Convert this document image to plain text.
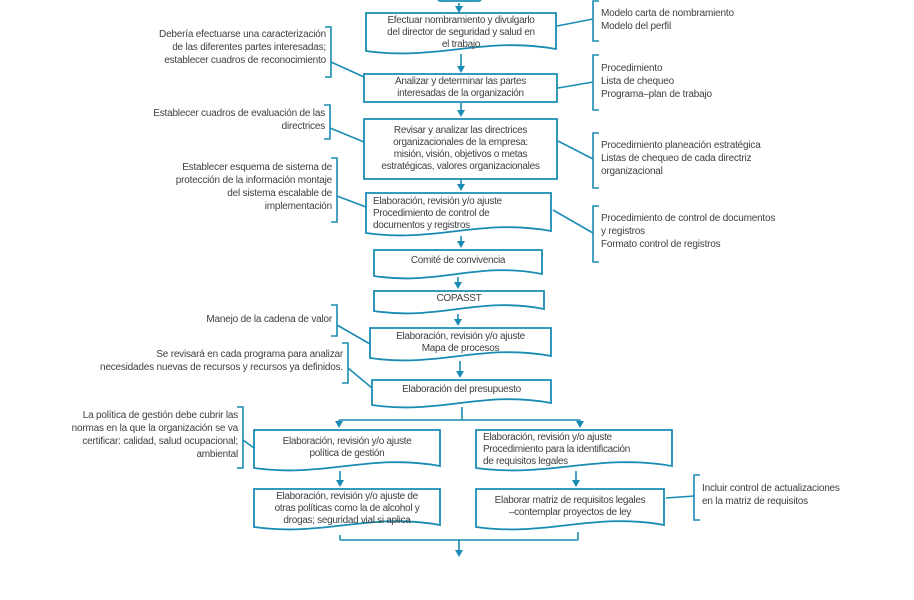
Efectuar nombramiento y divulgarlo
del director de seguridad y salud en
el trabajo
Analizar y determinar las partes
interesadas de la organización
Revisar y analizar las directrices
organizacionales de la empresa:
misión, visión, objetivos o metas
estratégicas, valores organizacionales
Elaboración, revisión y/o ajuste
Procedimiento de control de
documentos y registros
Comité de convivencia
COPASST
Elaboración, revisión y/o ajuste
Mapa de procesos
Elaboración del presupuesto
Elaboración, revisión y/o ajuste
política de gestión
Elaboración, revisión y/o ajuste de
otras políticas como la de alcohol y
drogas; seguridad vial si aplica
Elaboración, revisión y/o ajuste
Procedimiento para la identificación
de requisitos legales
Elaborar matriz de requisitos legales
–contemplar proyectos de ley
Debería efectuarse una caracterización
de las diferentes partes interesadas;
establecer cuadros de reconocimiento
Establecer cuadros de evaluación de las
directrices
Establecer esquema de sistema de
protección de la información montaje
del sistema escalable de
implementación
Manejo de la cadena de valor
Se revisará en cada programa para analizar
necesidades nuevas de recursos y recursos ya definidos.
La política de gestión debe cubrir las
normas en la que la organización se va
certificar: calidad, salud ocupacional;
ambiental
Modelo carta de nombramiento
Modelo del perfil
Procedimiento
Lista de chequeo
Programa–plan de trabajo
Procedimiento planeación estratégica
Listas de chequeo de cada directriz
organizacional
Procedimiento de control de documentos
y registros
Formato control de registros
Incluir control de actualizaciones
en la matriz de requisitos
